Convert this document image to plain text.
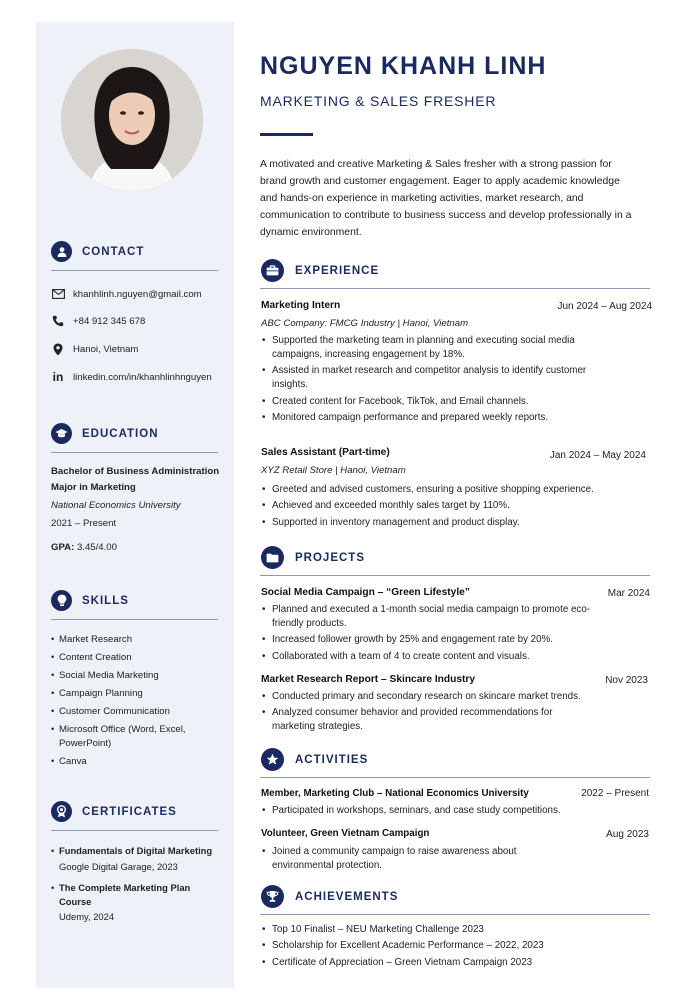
CONTACT
khanhlinh.nguyen@gmail.com
+84 912 345 678
Hanoi, Vietnam
in linkedin.com/in/khanhlinhnguyen
EDUCATION
Bachelor of Business Administration
Major in Marketing
National Economics University
2021 – Present
GPA: 3.45/4.00
SKILLS
• Market Research
• Content Creation
• Social Media Marketing
• Campaign Planning
• Customer Communication
• Microsoft Office (Word, Excel, PowerPoint)
• Canva
CERTIFICATES
• Fundamentals of Digital Marketing
Google Digital Garage, 2023
• The Complete Marketing Plan Course
Udemy, 2024
NGUYEN KHANH LINH
MARKETING & SALES FRESHER
A motivated and creative Marketing & Sales fresher with a strong passion for brand growth and customer engagement. Eager to apply academic knowledge and hands-on experience in marketing activities, market research, and communication to contribute to business success and develop professionally in a dynamic environment.
EXPERIENCE
Marketing Intern	Jun 2024 – Aug 2024
ABC Company: FMCG Industry | Hanoi, Vietnam
• Supported the marketing team in planning and executing social media campaigns, increasing engagement by 18%.
• Assisted in market research and competitor analysis to identify customer insights.
• Created content for Facebook, TikTok, and Email channels.
• Monitored campaign performance and prepared weekly reports.
Sales Assistant (Part-time)	Jan 2024 – May 2024
XYZ Retail Store | Hanoi, Vietnam
• Greeted and advised customers, ensuring a positive shopping experience.
• Achieved and exceeded monthly sales target by 110%.
• Supported in inventory management and product display.
PROJECTS
Social Media Campaign – “Green Lifestyle”	Mar 2024
• Planned and executed a 1-month social media campaign to promote eco-friendly products.
• Increased follower growth by 25% and engagement rate by 20%.
• Collaborated with a team of 4 to create content and visuals.
Market Research Report – Skincare Industry	Nov 2023
• Conducted primary and secondary research on skincare market trends.
• Analyzed consumer behavior and provided recommendations for marketing strategies.
ACTIVITIES
Member, Marketing Club – National Economics University	2022 – Present
• Participated in workshops, seminars, and case study competitions.
Volunteer, Green Vietnam Campaign	Aug 2023
• Joined a community campaign to raise awareness about environmental protection.
ACHIEVEMENTS
• Top 10 Finalist – NEU Marketing Challenge 2023
• Scholarship for Excellent Academic Performance – 2022, 2023
• Certificate of Appreciation – Green Vietnam Campaign 2023
